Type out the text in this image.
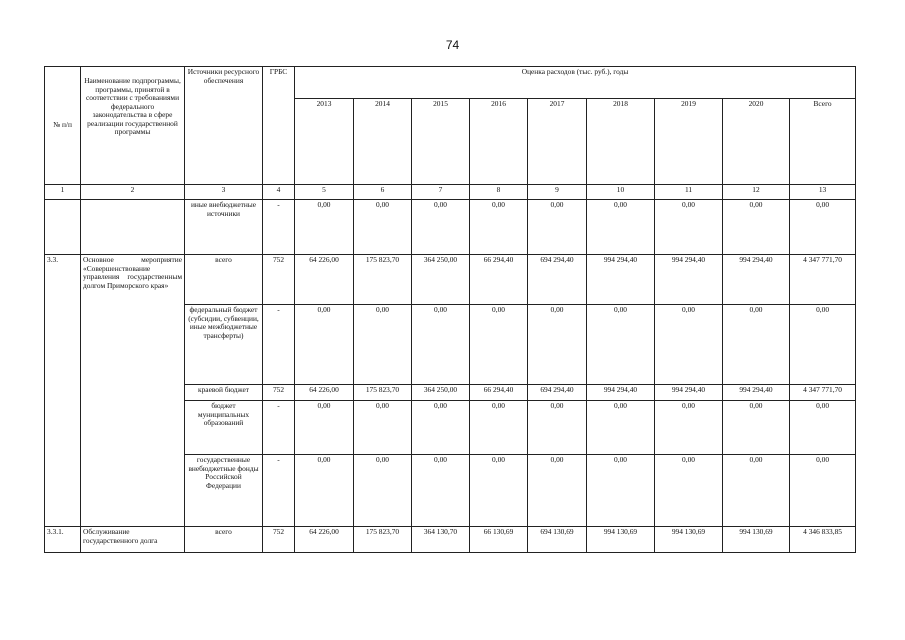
74
№ п/п	Наименование подпрограммы, программы, принятой в соответствии с требованиями федерального законодательства в сфере реализации государственной программы	Источники ресурсного обеспечения	ГРБС	Оценка расходов (тыс. руб.), годы								
				2013	2014	2015	2016	2017	2018	2019	2020	Всего
1	2	3	4	5	6	7	8	9	10	11	12	13
		иные внебюджетные источники	-	0,00	0,00	0,00	0,00	0,00	0,00	0,00	0,00	0,00
3.3.	Основное мероприятие «Совершенствование управления государственным долгом Приморского края»	всего	752	64 226,00	175 823,70	364 250,00	66 294,40	694 294,40	994 294,40	994 294,40	994 294,40	4 347 771,70
		федеральный бюджет (субсидии, субвенции, иные межбюджетные трансферты)	-	0,00	0,00	0,00	0,00	0,00	0,00	0,00	0,00	0,00
		краевой бюджет	752	64 226,00	175 823,70	364 250,00	66 294,40	694 294,40	994 294,40	994 294,40	994 294,40	4 347 771,70
		бюджет муниципальных образований	-	0,00	0,00	0,00	0,00	0,00	0,00	0,00	0,00	0,00
		государственные внебюджетные фонды Российской Федерации	-	0,00	0,00	0,00	0,00	0,00	0,00	0,00	0,00	0,00
3.3.1.	Обслуживание государственного долга	всего	752	64 226,00	175 823,70	364 130,70	66 130,69	694 130,69	994 130,69	994 130,69	994 130,69	4 346 833,85
